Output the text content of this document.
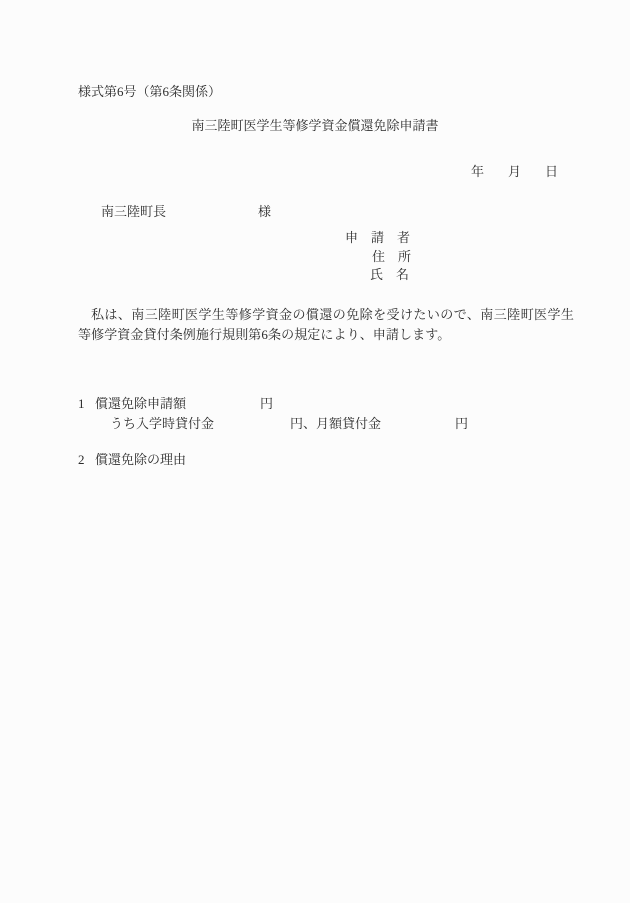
様式第6号（第6条関係）
南三陸町医学生等修学資金償還免除申請書

年 月 日

南三陸町長	様

申　請　者
住　所
氏　名

私は、南三陸町医学生等修学資金の償還の免除を受けたいので、南三陸町医学生等修学資金貸付条例施行規則第6条の規定により、申請します。

1 償還免除申請額	円
うち入学時貸付金	円、月額貸付金	円
2 償還免除の理由
